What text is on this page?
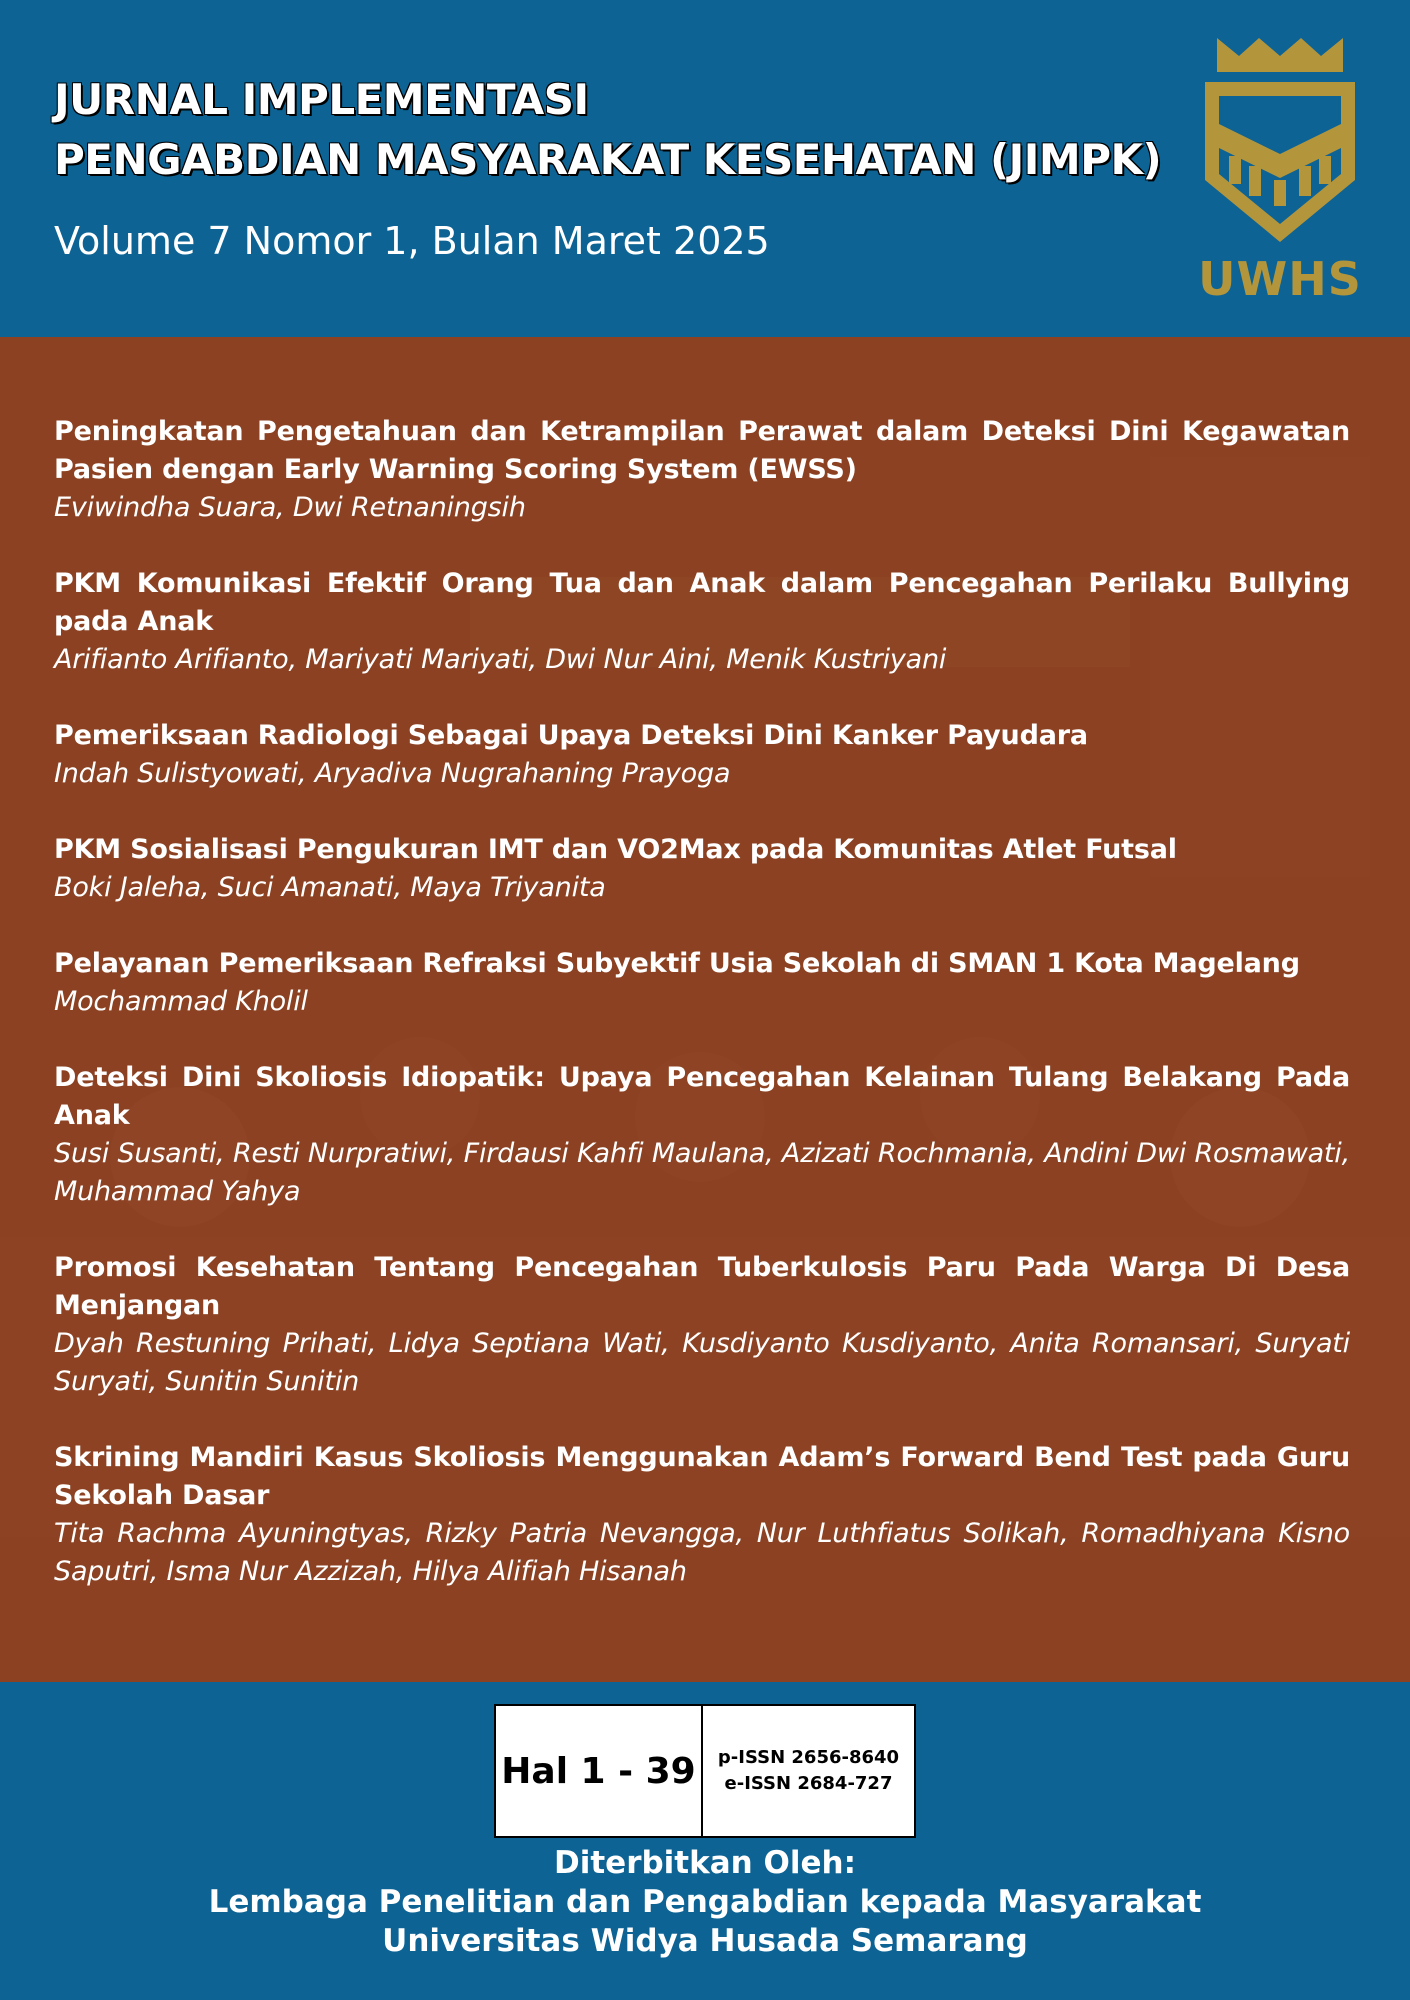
JURNAL IMPLEMENTASI
PENGABDIAN MASYARAKAT KESEHATAN (JIMPK)
Volume 7 Nomor 1, Bulan Maret 2025
UWHS
Peningkatan Pengetahuan dan Ketrampilan Perawat dalam Deteksi Dini Kegawatan Pasien dengan Early Warning Scoring System (EWSS)
Eviwindha Suara, Dwi Retnaningsih
PKM Komunikasi Efektif Orang Tua dan Anak dalam Pencegahan Perilaku Bullying pada Anak
Arifianto Arifianto, Mariyati Mariyati, Dwi Nur Aini, Menik Kustriyani
Pemeriksaan Radiologi Sebagai Upaya Deteksi Dini Kanker Payudara
Indah Sulistyowati, Aryadiva Nugrahaning Prayoga
PKM Sosialisasi Pengukuran IMT dan VO2Max pada Komunitas Atlet Futsal
Boki Jaleha, Suci Amanati, Maya Triyanita
Pelayanan Pemeriksaan Refraksi Subyektif Usia Sekolah di SMAN 1 Kota Magelang
Mochammad Kholil
Deteksi Dini Skoliosis Idiopatik: Upaya Pencegahan Kelainan Tulang Belakang Pada Anak
Susi Susanti, Resti Nurpratiwi, Firdausi Kahfi Maulana, Azizati Rochmania, Andini Dwi Rosmawati, Muhammad Yahya
Promosi Kesehatan Tentang Pencegahan Tuberkulosis Paru Pada Warga Di Desa Menjangan
Dyah Restuning Prihati, Lidya Septiana Wati, Kusdiyanto Kusdiyanto, Anita Romansari, Suryati Suryati, Sunitin Sunitin
Skrining Mandiri Kasus Skoliosis Menggunakan Adam’s Forward Bend Test pada Guru Sekolah Dasar
Tita Rachma Ayuningtyas, Rizky Patria Nevangga, Nur Luthfiatus Solikah, Romadhiyana Kisno Saputri, Isma Nur Azzizah, Hilya Alifiah Hisanah
Hal 1 - 39	p-ISSN 2656-8640
e-ISSN 2684-727
Diterbitkan Oleh:
Lembaga Penelitian dan Pengabdian kepada Masyarakat
Universitas Widya Husada Semarang
